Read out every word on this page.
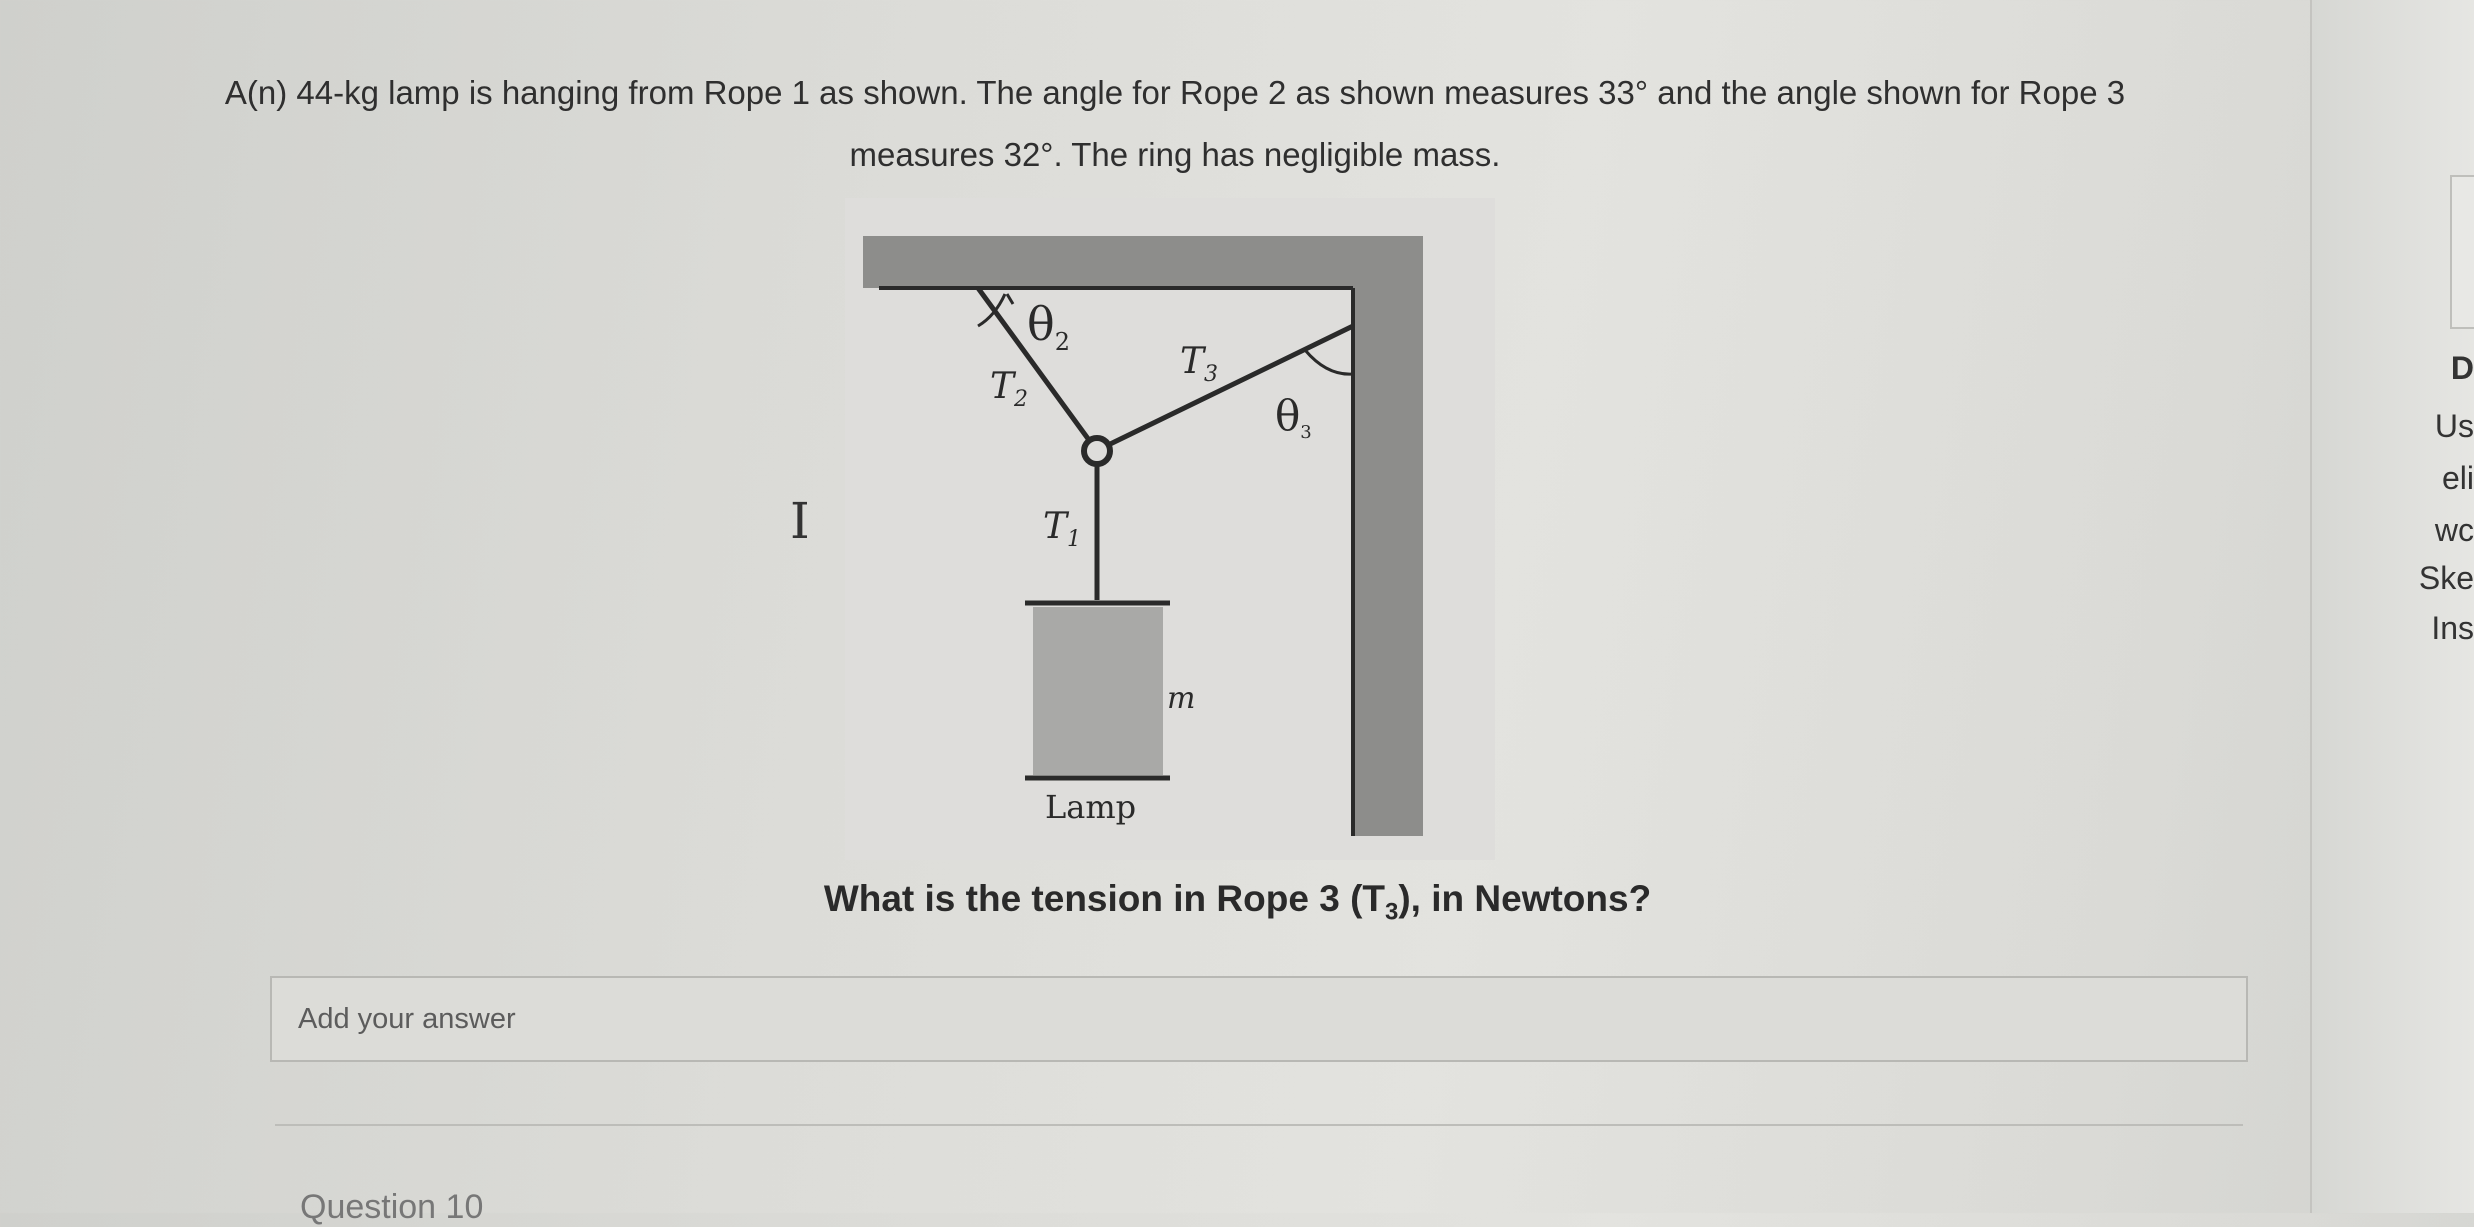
A(n) 44-kg lamp is hanging from Rope 1 as shown. The angle for Rope 2 as shown measures 33° and the angle shown for Rope 3
measures 32°. The ring has negligible mass.
I
$\theta_2$	$T_3$
$T_2$	θ3
$T_1$
m
Lamp
What is the tension in Rope 3 $(T_3)$, in Newtons?
Add your answer
Question 10
D
Us
eli
wc
Ske
Ins
